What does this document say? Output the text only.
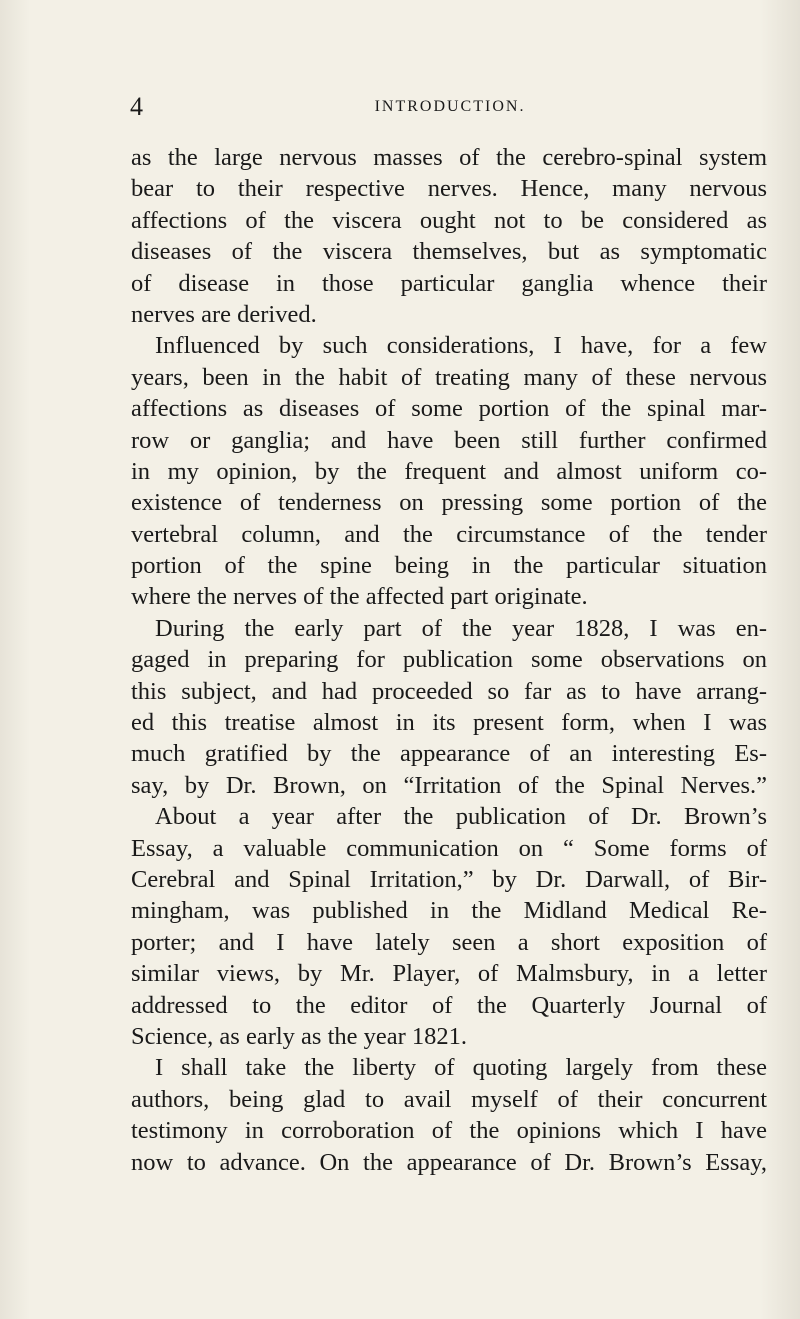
4	INTRODUCTION.
as the large nervous masses of the cerebro-spinal system
bear to their respective nerves. Hence, many nervous
affections of the viscera ought not to be considered as
diseases of the viscera themselves, but as symptomatic
of disease in those particular ganglia whence their
nerves are derived.
Influenced by such considerations, I have, for a few
years, been in the habit of treating many of these nervous
affections as diseases of some portion of the spinal mar-
row or ganglia; and have been still further confirmed
in my opinion, by the frequent and almost uniform co-
existence of tenderness on pressing some portion of the
vertebral column, and the circumstance of the tender
portion of the spine being in the particular situation
where the nerves of the affected part originate.
During the early part of the year 1828, I was en-
gaged in preparing for publication some observations on
this subject, and had proceeded so far as to have arrang-
ed this treatise almost in its present form, when I was
much gratified by the appearance of an interesting Es-
say, by Dr. Brown, on “Irritation of the Spinal Nerves.”
About a year after the publication of Dr. Brown’s
Essay, a valuable communication on “ Some forms of
Cerebral and Spinal Irritation,” by Dr. Darwall, of Bir-
mingham, was published in the Midland Medical Re-
porter; and I have lately seen a short exposition of
similar views, by Mr. Player, of Malmsbury, in a letter
addressed to the editor of the Quarterly Journal of
Science, as early as the year 1821.
I shall take the liberty of quoting largely from these
authors, being glad to avail myself of their concurrent
testimony in corroboration of the opinions which I have
now to advance. On the appearance of Dr. Brown’s Essay,
